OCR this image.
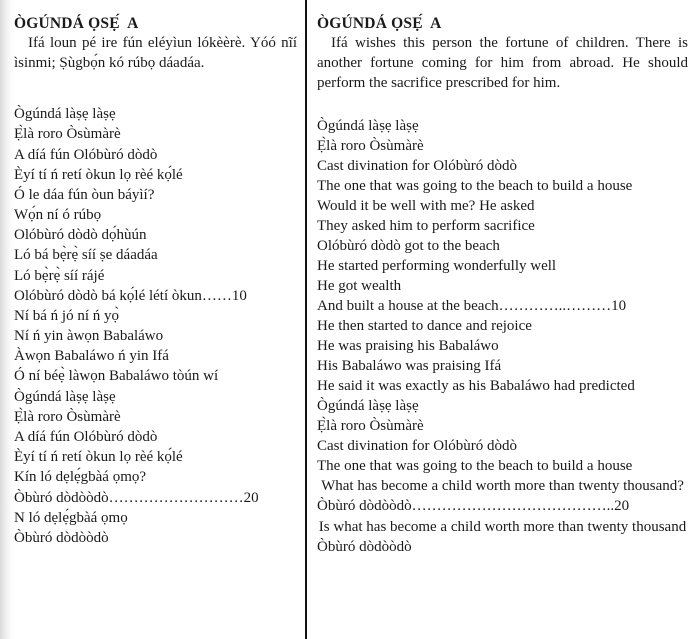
ÒGÚNDÁ ỌSẸ́  A

Ifá loun pé ire fún eléyìun lókèèrè. Yóó nĩí ìsinmi; Ṣùgbọ́n kó rúbọ dáadáa.

Ògúndá làṣẹ làṣẹ
Ẹ̀là roro Òsùmàrè
A díá fún Olóbùró dòdò
Èyí tí ń retí òkun lọ rèé kọ́lé
Ó le dáa fún òun báyìí?
Wọ́n ní ó rúbọ
Olóbùró dòdò dọ́hùún
Ló bá bẹ̀rẹ̀ síí ṣe dáadáa
Ló bẹ̀rẹ̀ síí rájé
Olóbùró dòdò bá kọ́lé létí òkun……10
Ní bá ń jó ní ń yọ̀
Ní ń yin àwọn Babaláwo
Àwọn Babaláwo ń yin Ifá
Ó ní béẹ̀ làwọn Babaláwo tòún wí
Ògúndá làṣẹ làṣẹ
Ẹ̀là roro Òsùmàrè
A díá fún Olóbùró dòdò
Èyí tí ń retí òkun lọ rèé kọ́lé
Kín ló dẹlẹ́gbàá ọmọ?
Òbùró dòdòòdò………………………20
N ló dẹlẹ́gbàá ọmọ
Òbùró dòdòòdò
ÒGÚNDÁ ỌSẸ́  A

Ifá wishes this person the fortune of children. There is another fortune coming for him from abroad. He should perform the sacrifice prescribed for him.

Ògúndá làṣẹ làṣẹ
Ẹ̀là roro Òsùmàrè
Cast divination for Olóbùró dòdò
The one that was going to the beach to build a house
Would it be well with me? He asked
They asked him to perform sacrifice
Olóbùró dòdò got to the beach
He started performing wonderfully well
He got wealth
And built a house at the beach…………..………10
He then started to dance and rejoice
He was praising his Babaláwo
His Babaláwo was praising Ifá
He said it was exactly as his Babaláwo had predicted
Ògúndá làṣẹ làṣẹ
Ẹ̀là roro Òsùmàrè
Cast divination for Olóbùró dòdò
The one that was going to the beach to build a house
What has become a child worth more than twenty thousand?
Òbùró dòdòòdò…………………………………..20
Is what has become a child worth more than twenty thousand
Òbùró dòdòòdò
